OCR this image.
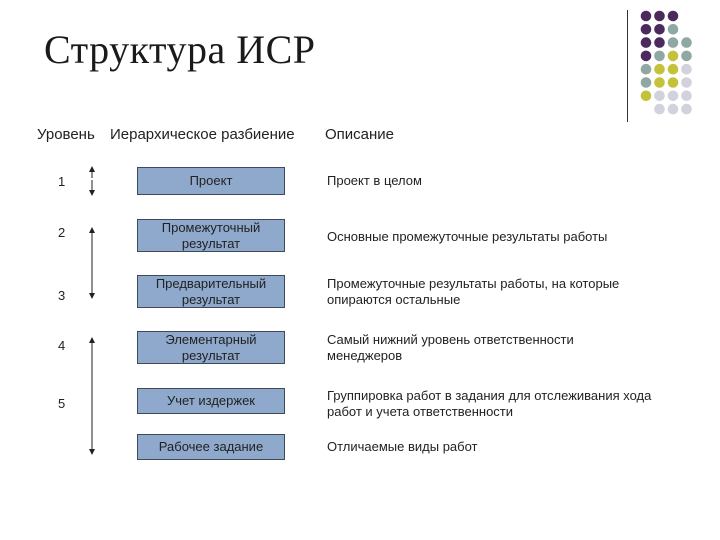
Структура ИСР
Уровень Иерархическое разбиение Описание
1
2
3
4
5
Проект
Промежуточный результат
Предварительный результат
Элементарный результат
Учет издержек
Рабочее задание
Проект в целом
Основные промежуточные результаты работы
Промежуточные результаты работы, на которые опираются остальные
Самый нижний уровень ответственности менеджеров
Группировка работ в задания для отслеживания хода работ и учета ответственности
Отличаемые виды работ
